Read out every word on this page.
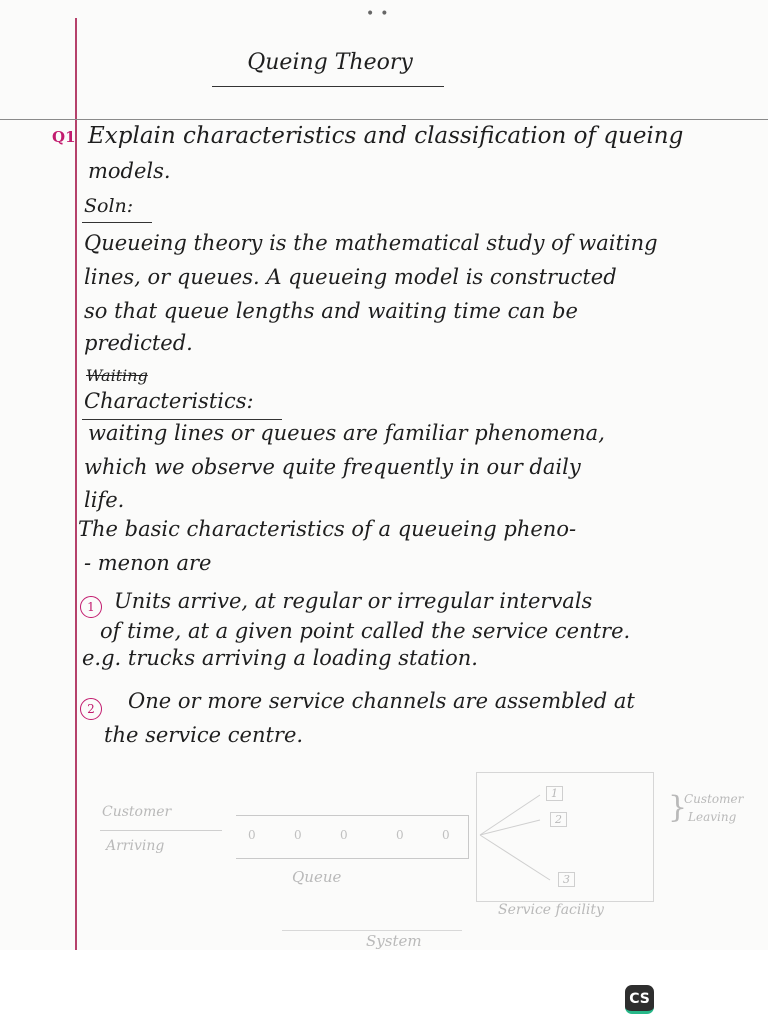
••
Queing Theory
Q1 Explain characteristics and classification of queing
models.
Soln:
Queueing theory is the mathematical study of waiting
lines, or queues. A queueing model is constructed
so that queue lengths and waiting time can be
predicted.
Waiting
Characteristics:
waiting lines or queues are familiar phenomena,
which we observe quite frequently in our daily
life.
The basic characteristics of a queueing pheno-
- menon are
1 Units arrive, at regular or irregular intervals
of time, at a given point called the service centre.
e.g. trucks arriving a loading station.
2	One or more service channels are assembled at
the service centre.
Customer
Arriving
0	0	0	0	0
Queue
1
2
3
}
Customer
Leaving
Service facility
System
CS
